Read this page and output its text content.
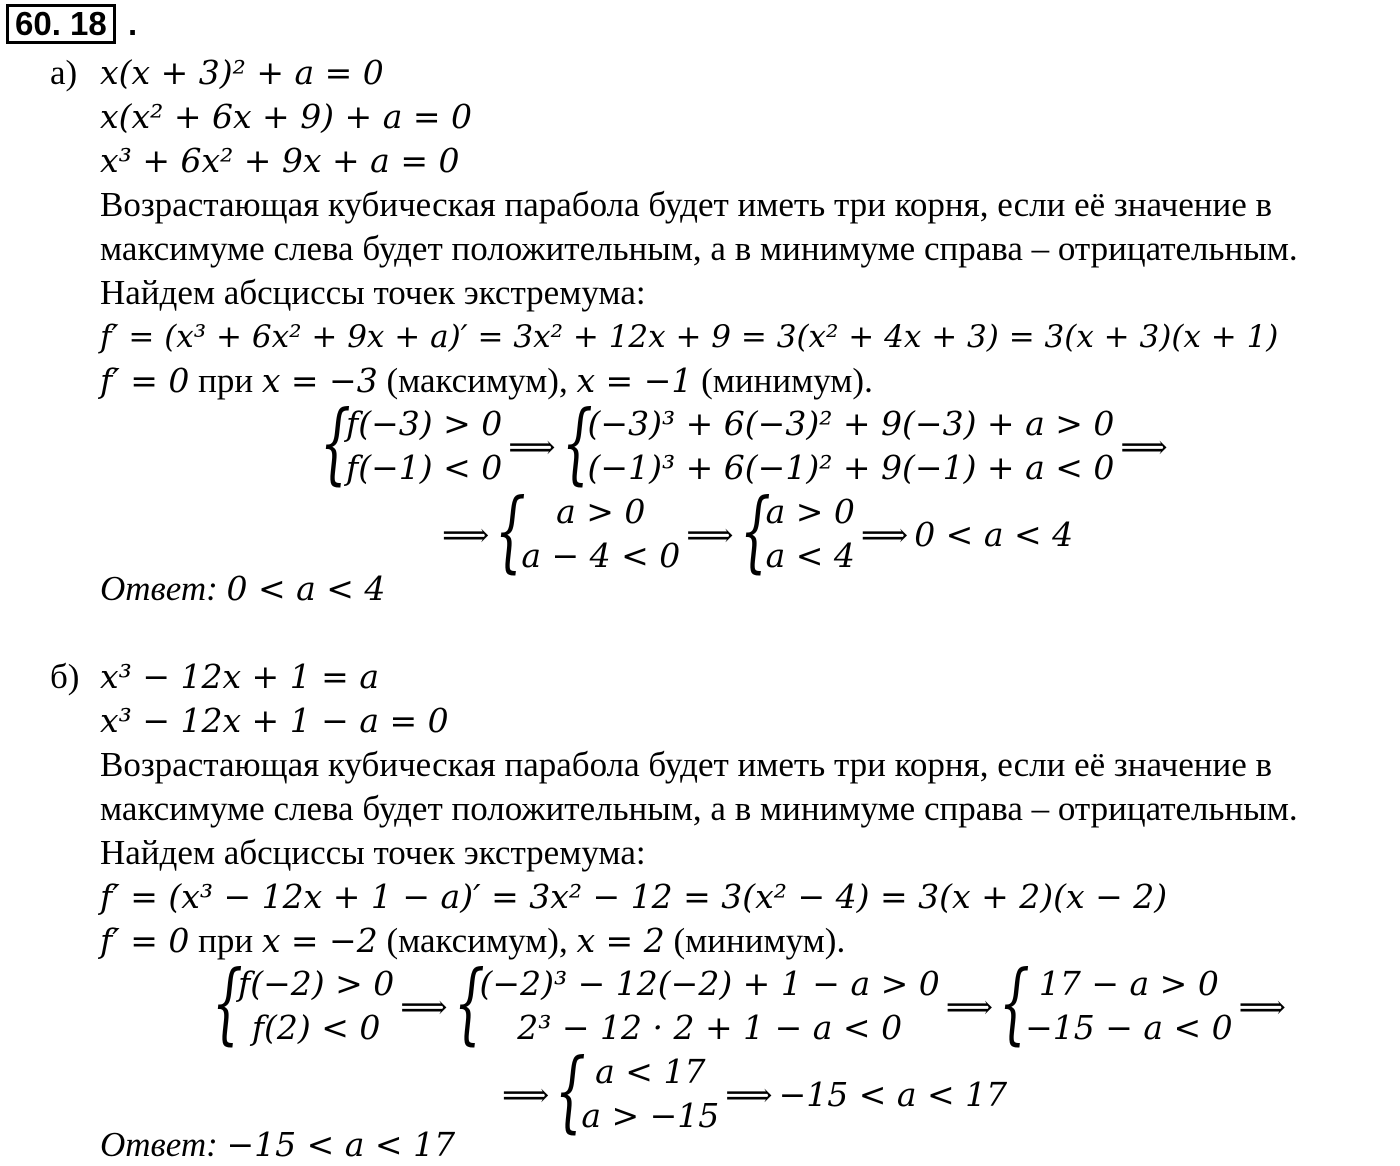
60. 18 .
а) x(x + 3)² + a = 0
x(x² + 6x + 9) + a = 0
x³ + 6x² + 9x + a = 0
Возрастающая кубическая парабола будет иметь три корня, если её значение в
максимуме слева будет положительным, а в минимуме справа – отрицательным.
Найдем абсциссы точек экстремума:
f′ = (x³ + 6x² + 9x + a)′ = 3x² + 12x + 9 = 3(x² + 4x + 3) = 3(x + 3)(x + 1)
f′ = 0 при x = −3 (максимум), x = −1 (минимум).
{
f(−3) > 0
f(−1) < 0
⟹ {
(−3)³ + 6(−3)² + 9(−3) + a > 0
(−1)³ + 6(−1)² + 9(−1) + a < 0
⟹
⟹ { a > 0
a − 4 < 0
⟹ {
a > 0
a < 4
⟹ 0 < a < 4
Ответ: 0 < a < 4
б) x³ − 12x + 1 = a
x³ − 12x + 1 − a = 0
Возрастающая кубическая парабола будет иметь три корня, если её значение в
максимуме слева будет положительным, а в минимуме справа – отрицательным.
Найдем абсциссы точек экстремума:
f′ = (x³ − 12x + 1 − a)′ = 3x² − 12 = 3(x² − 4) = 3(x + 2)(x − 2)
f′ = 0 при x = −2 (максимум), x = 2 (минимум).
{
f(−2) > 0
f(2) < 0
⟹ {
(−2)³ − 12(−2) + 1 − a > 0
2³ − 12 · 2 + 1 − a < 0
⟹ { 17 − a > 0
−15 − a < 0
⟹
⟹ { a < 17
a > −15
⟹ −15 < a < 17
Ответ: −15 < a < 17
